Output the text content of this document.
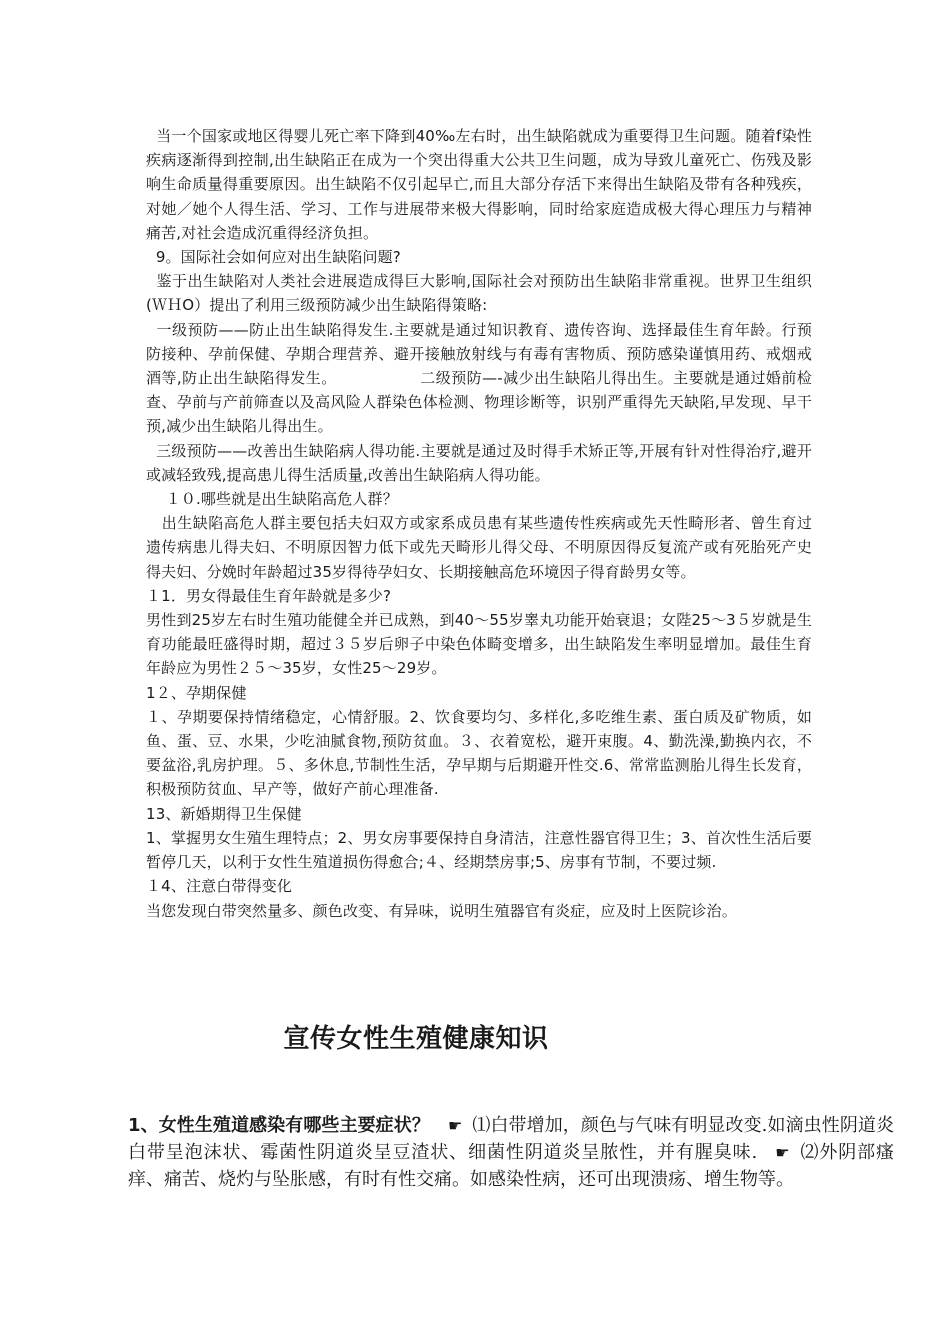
当一个国家或地区得婴儿死亡率下降到40‰左右时，出生缺陷就成为重要得卫生问题。随着f染性疾病逐渐得到控制,出生缺陷正在成为一个突出得重大公共卫生问题，成为导致儿童死亡、伤残及影响生命质量得重要原因。出生缺陷不仅引起早亡,而且大部分存活下来得出生缺陷及带有各种残疾，对她／她个人得生活、学习、工作与进展带来极大得影响，同时给家庭造成极大得心理压力与精神痛苦,对社会造成沉重得经济负担。

9。国际社会如何应对出生缺陷问题?

鉴于出生缺陷对人类社会进展造成得巨大影响,国际社会对预防出生缺陷非常重视。世界卫生组织(ＷＨO）提出了利用三级预防减少出生缺陷得策略:

一级预防——防止出生缺陷得发生.主要就是通过知识教育、遗传咨询、选择最佳生育年龄。行预防接种、孕前保健、孕期合理营养、避开接触放射线与有毒有害物质、预防感染谨慎用药、戒烟戒酒等,防止出生缺陷得发生。                二级预防—-减少出生缺陷儿得出生。主要就是通过婚前检查、孕前与产前筛查以及高风险人群染色体检测、物理诊断等，识别严重得先天缺陷,早发现、早干预,减少出生缺陷儿得出生。

三级预防——改善出生缺陷病人得功能.主要就是通过及时得手术矫正等,开展有针对性得治疗,避开或减轻致残,提高患儿得生活质量,改善出生缺陷病人得功能。

１０.哪些就是出生缺陷高危人群？

出生缺陷高危人群主要包括夫妇双方或家系成员患有某些遗传性疾病或先天性畸形者、曾生育过遗传病患儿得夫妇、不明原因智力低下或先天畸形儿得父母、不明原因得反复流产或有死胎死产史得夫妇、分娩时年龄超过35岁得待孕妇女、长期接触高危环境因子得育龄男女等。

１1．男女得最佳生育年龄就是多少?

男性到25岁左右时生殖功能健全并已成熟，到40～55岁睾丸功能开始衰退；女陛25～3５岁就是生育功能最旺盛得时期，超过３５岁后卵子中染色体畸变增多，出生缺陷发生率明显增加。最佳生育年龄应为男性２５～35岁，女性25～29岁。

1２、孕期保健

１、孕期要保持情绪稳定，心情舒服。2、饮食要均匀、多样化,多吃维生素、蛋白质及矿物质，如鱼、蛋、豆、水果，少吃油腻食物,预防贫血。３、衣着宽松，避开束腹。4、勤洗澡,勤换内衣，不要盆浴,乳房护理。５、多休息,节制性生活，孕早期与后期避开性交.6、常常监测胎儿得生长发育，积极预防贫血、早产等，做好产前心理准备.

13、新婚期得卫生保健

1、掌握男女生殖生理特点；2、男女房事要保持自身清洁，注意性器官得卫生；3、首次性生活后要暂停几天，以利于女性生殖道损伤得愈合;４、经期禁房事;5、房事有节制，不要过频.

１4、注意白带得变化

当您发现白带突然量多、颜色改变、有异味，说明生殖器官有炎症，应及时上医院诊治。

宣传女性生殖健康知识
1、女性生殖道感染有哪些主要症状？ ☛ ⑴白带增加，颜色与气味有明显改变.如滴虫性阴道炎白带呈泡沫状、霉菌性阴道炎呈豆渣状、细菌性阴道炎呈脓性，并有腥臭味. ☛ ⑵外阴部瘙痒、痛苦、烧灼与坠胀感，有时有性交痛。如感染性病，还可出现溃疡、增生物等。
